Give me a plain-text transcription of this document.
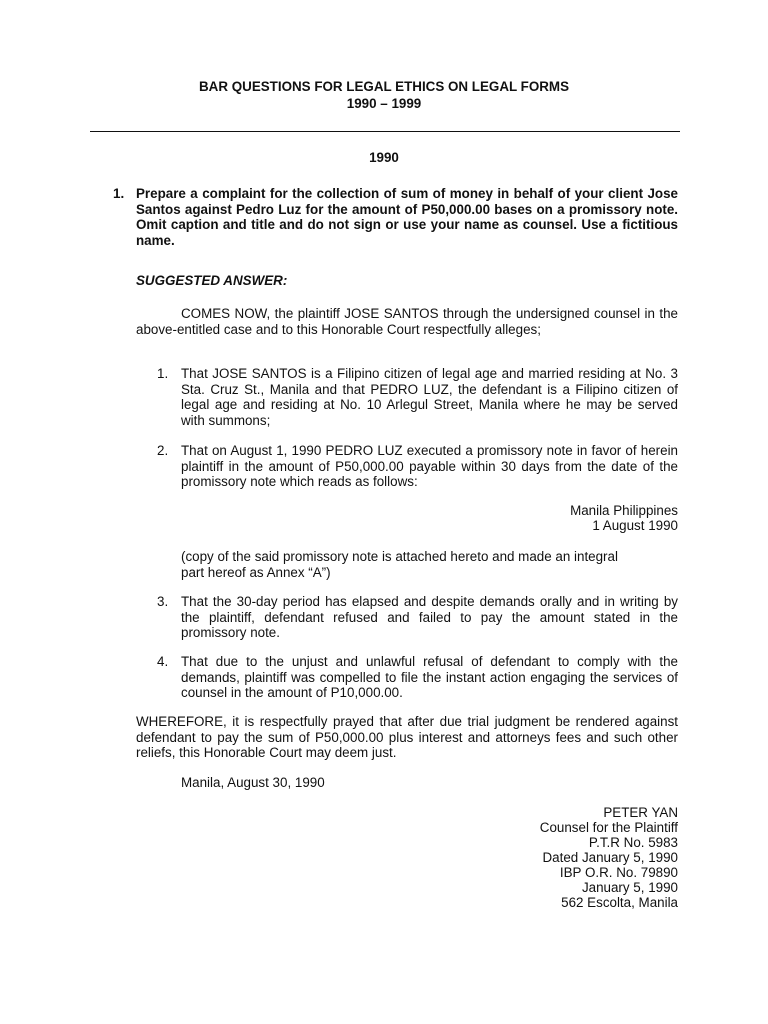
BAR QUESTIONS FOR LEGAL ETHICS ON LEGAL FORMS
1990 – 1999
1990
1. Prepare a complaint for the collection of sum of money in behalf of your client Jose Santos against Pedro Luz for the amount of P50,000.00 bases on a promissory note. Omit caption and title and do not sign or use your name as counsel. Use a fictitious name.
SUGGESTED ANSWER:
COMES NOW, the plaintiff JOSE SANTOS through the undersigned counsel in the above-entitled case and to this Honorable Court respectfully alleges;
1. That JOSE SANTOS is a Filipino citizen of legal age and married residing at No. 3 Sta. Cruz St., Manila and that PEDRO LUZ, the defendant is a Filipino citizen of legal age and residing at No. 10 Arlegul Street, Manila where he may be served with summons;
2. That on August 1, 1990 PEDRO LUZ executed a promissory note in favor of herein plaintiff in the amount of P50,000.00 payable within 30 days from the date of the promissory note which reads as follows:
Manila Philippines
1 August 1990
(copy of the said promissory note is attached hereto and made an integral
part hereof as Annex “A”)
3. That the 30-day period has elapsed and despite demands orally and in writing by the plaintiff, defendant refused and failed to pay the amount stated in the promissory note.
4. That due to the unjust and unlawful refusal of defendant to comply with the demands, plaintiff was compelled to file the instant action engaging the services of counsel in the amount of P10,000.00.
WHEREFORE, it is respectfully prayed that after due trial judgment be rendered against defendant to pay the sum of P50,000.00 plus interest and attorneys fees and such other reliefs, this Honorable Court may deem just.
Manila, August 30, 1990
PETER YAN
Counsel for the Plaintiff
P.T.R No. 5983
Dated January 5, 1990
IBP O.R. No. 79890
January 5, 1990
562 Escolta, Manila
